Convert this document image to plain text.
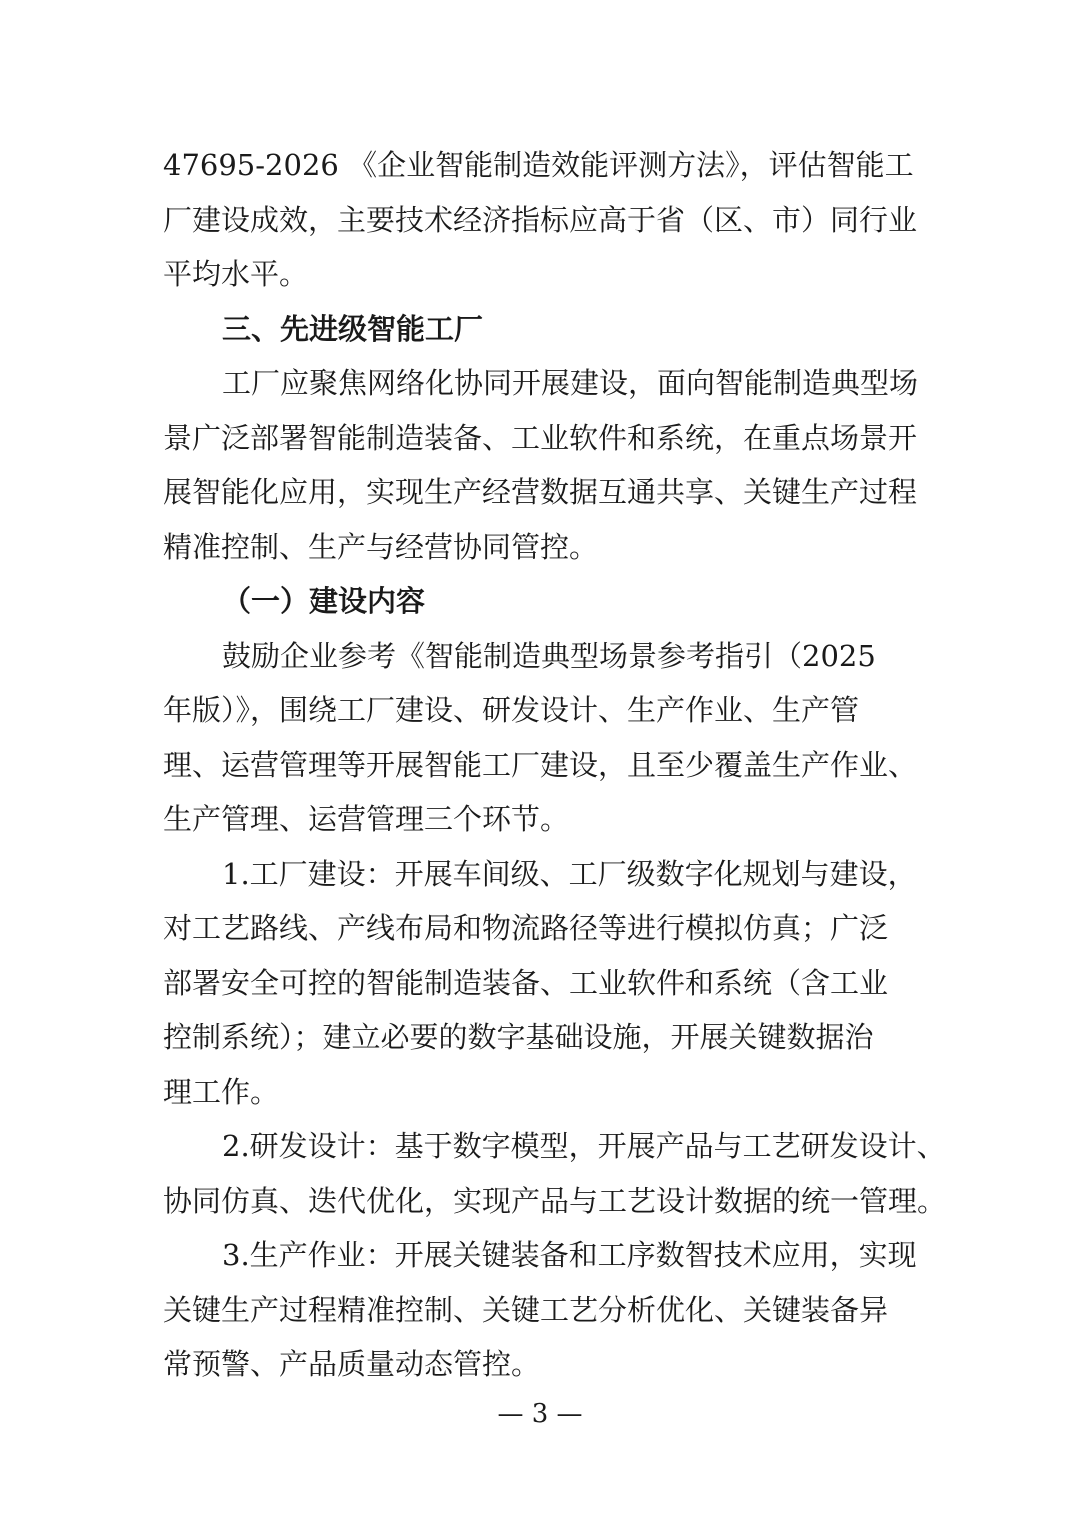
47695-2026 《企业智能制造效能评测方法》，评估智能工
厂建设成效，主要技术经济指标应高于省（区、市）同行业
平均水平。
三、先进级智能工厂
工厂应聚焦网络化协同开展建设，面向智能制造典型场
景广泛部署智能制造装备、工业软件和系统，在重点场景开
展智能化应用，实现生产经营数据互通共享、关键生产过程
精准控制、生产与经营协同管控。
（一）建设内容
鼓励企业参考《智能制造典型场景参考指引（2025
年版）》，围绕工厂建设、研发设计、生产作业、生产管
理、运营管理等开展智能工厂建设，且至少覆盖生产作业、
生产管理、运营管理三个环节。
1.工厂建设：开展车间级、工厂级数字化规划与建设，
对工艺路线、产线布局和物流路径等进行模拟仿真；广泛
部署安全可控的智能制造装备、工业软件和系统（含工业
控制系统）；建立必要的数字基础设施，开展关键数据治
理工作。
2.研发设计：基于数字模型，开展产品与工艺研发设计、
协同仿真、迭代优化，实现产品与工艺设计数据的统一管理。
3.生产作业：开展关键装备和工序数智技术应用，实现
关键生产过程精准控制、关键工艺分析优化、关键装备异
常预警、产品质量动态管控。
— 3 —
